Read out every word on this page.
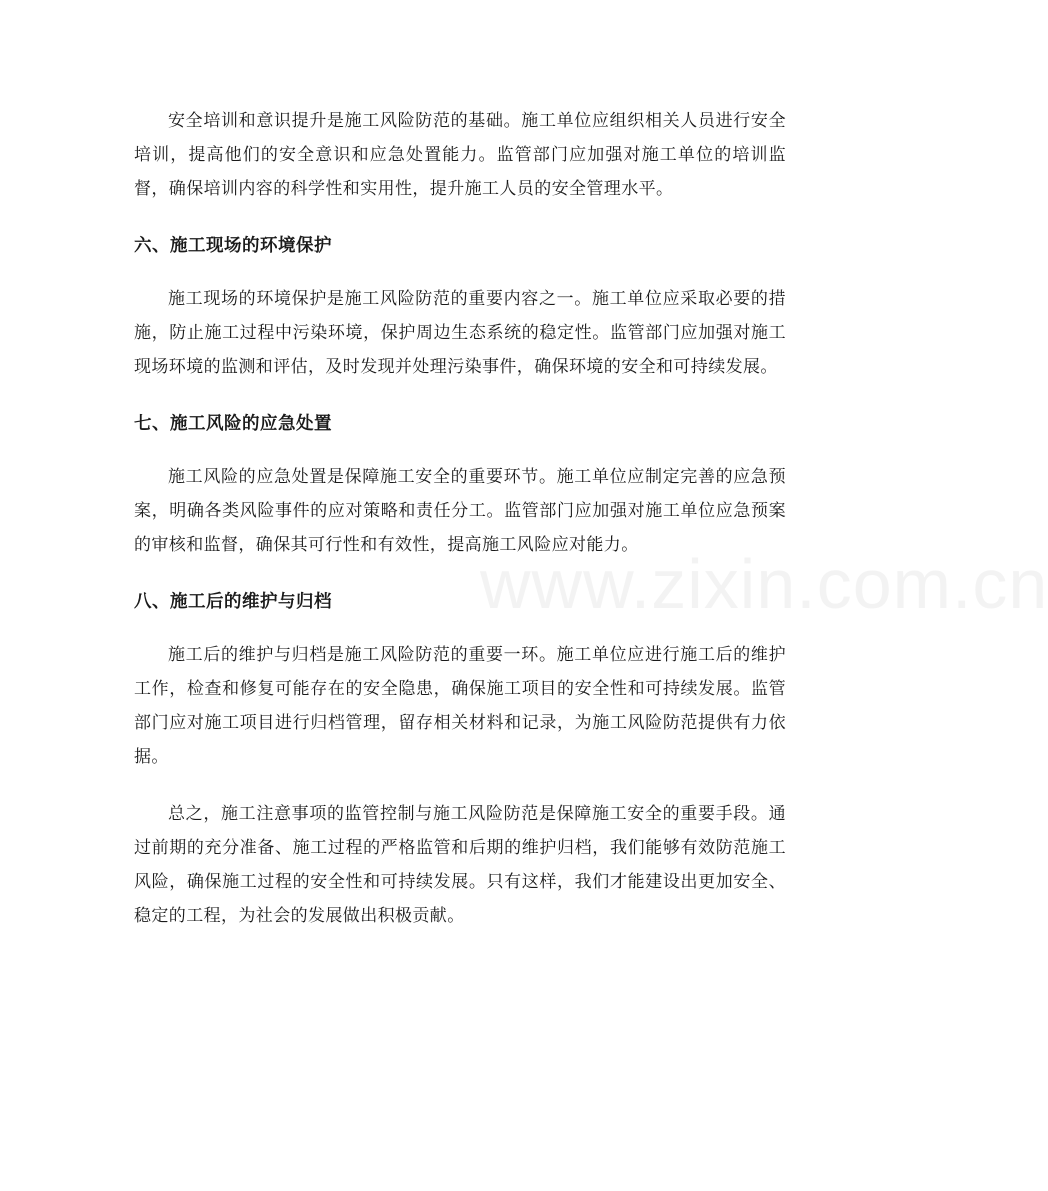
安全培训和意识提升是施工风险防范的基础。施工单位应组织相关人员进行安全培训，提高他们的安全意识和应急处置能力。监管部门应加强对施工单位的培训监督，确保培训内容的科学性和实用性，提升施工人员的安全管理水平。

六、施工现场的环境保护

施工现场的环境保护是施工风险防范的重要内容之一。施工单位应采取必要的措施，防止施工过程中污染环境，保护周边生态系统的稳定性。监管部门应加强对施工现场环境的监测和评估，及时发现并处理污染事件，确保环境的安全和可持续发展。

七、施工风险的应急处置

施工风险的应急处置是保障施工安全的重要环节。施工单位应制定完善的应急预案，明确各类风险事件的应对策略和责任分工。监管部门应加强对施工单位应急预案的审核和监督，确保其可行性和有效性，提高施工风险应对能力。

八、施工后的维护与归档

施工后的维护与归档是施工风险防范的重要一环。施工单位应进行施工后的维护工作，检查和修复可能存在的安全隐患，确保施工项目的安全性和可持续发展。监管部门应对施工项目进行归档管理，留存相关材料和记录，为施工风险防范提供有力依据。

总之，施工注意事项的监管控制与施工风险防范是保障施工安全的重要手段。通过前期的充分准备、施工过程的严格监管和后期的维护归档，我们能够有效防范施工风险，确保施工过程的安全性和可持续发展。只有这样，我们才能建设出更加安全、稳定的工程，为社会的发展做出积极贡献。

www.zixin.com.cn
